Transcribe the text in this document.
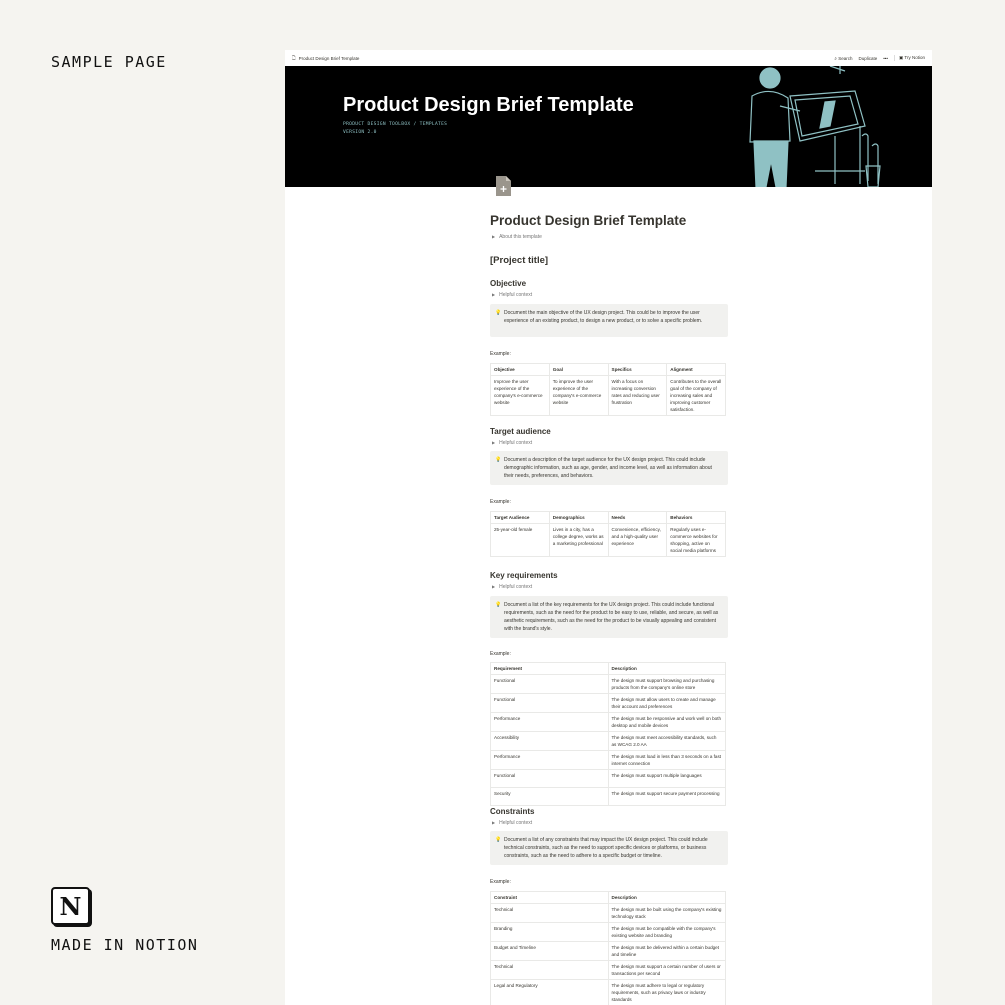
SAMPLE PAGE
N
MADE IN NOTION
🗋 Product Design Brief Template	⌕ Search Duplicate •••	▣ Try Notion
Product Design Brief Template
PRODUCT DESIGN TOOLBOX / TEMPLATES
VERSION 2.0
Product Design Brief Template
▶ About this template
[Project title]
Objective
▶ Helpful context
💡 Document the main objective of the UX design project. This could be to improve the user experience of an existing product, to design a new product, or to solve a specific problem.
Example:
Objective	Goal	Specifics	Alignment
Improve the user experience of the company's e-commerce website	To improve the user experience of the company's e-commerce website	With a focus on increasing conversion rates and reducing user frustration	Contributes to the overall goal of the company of increasing sales and improving customer satisfaction.
Target audience
▶ Helpful context
💡 Document a description of the target audience for the UX design project. This could include demographic information, such as age, gender, and income level, as well as information about their needs, preferences, and behaviors.
Example:
Target Audience	Demographics	Needs	Behaviors
25-year-old female	Lives in a city, has a college degree, works as a marketing professional	Convenience, efficiency, and a high-quality user experience	Regularly uses e-commerce websites for shopping, active on social media platforms
Key requirements
▶ Helpful context
💡 Document a list of the key requirements for the UX design project. This could include functional requirements, such as the need for the product to be easy to use, reliable, and secure, as well as aesthetic requirements, such as the need for the product to be visually appealing and consistent with the brand's style.
Example:
Requirement	Description
Functional	The design must support browsing and purchasing products from the company's online store
Functional	The design must allow users to create and manage their account and preferences
Performance	The design must be responsive and work well on both desktop and mobile devices
Accessibility	The design must meet accessibility standards, such as WCAG 2.0 AA
Performance	The design must load in less than 3 seconds on a fast internet connection
Functional	The design must support multiple languages
Security	The design must support secure payment processing
Constraints
▶ Helpful context
💡 Document a list of any constraints that may impact the UX design project. This could include technical constraints, such as the need to support specific devices or platforms, or business constraints, such as the need to adhere to a specific budget or timeline.
Example:
Constraint	Description
Technical	The design must be built using the company's existing technology stack
Branding	The design must be compatible with the company's existing website and branding
Budget and Timeline	The design must be delivered within a certain budget and timeline
Technical	The design must support a certain number of users or transactions per second
Legal and Regulatory	The design must adhere to legal or regulatory requirements, such as privacy laws or industry standards
